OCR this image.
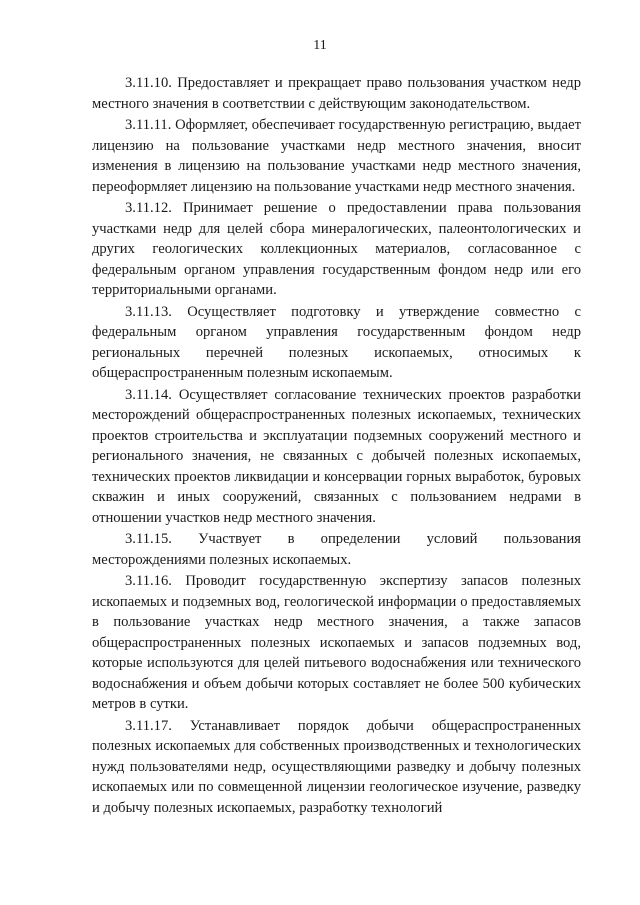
11

3.11.10. Предоставляет и прекращает право пользования участком недр местного значения в соответствии с действующим законодательством.

3.11.11. Оформляет, обеспечивает государственную регистрацию, выдает лицензию на пользование участками недр местного значения, вносит изменения в лицензию на пользование участками недр местного значения, переоформляет лицензию на пользование участками недр местного значения.

3.11.12. Принимает решение о предоставлении права пользования участками недр для целей сбора минералогических, палеонтологических и других геологических коллекционных материалов, согласованное с федеральным органом управления государственным фондом недр или его территориальными органами.

3.11.13. Осуществляет подготовку и утверждение совместно с федеральным органом управления государственным фондом недр региональных перечней полезных ископаемых, относимых к общераспространенным полезным ископаемым.

3.11.14. Осуществляет согласование технических проектов разработки месторождений общераспространенных полезных ископаемых, технических проектов строительства и эксплуатации подземных сооружений местного и регионального значения, не связанных с добычей полезных ископаемых, технических проектов ликвидации и консервации горных выработок, буровых скважин и иных сооружений, связанных с пользованием недрами в отношении участков недр местного значения.

3.11.15. Участвует в определении условий пользования месторождениями полезных ископаемых.

3.11.16. Проводит государственную экспертизу запасов полезных ископаемых и подземных вод, геологической информации о предоставляемых в пользование участках недр местного значения, а также запасов общераспространенных полезных ископаемых и запасов подземных вод, которые используются для целей питьевого водоснабжения или технического водоснабжения и объем добычи которых составляет не более 500 кубических метров в сутки.

3.11.17. Устанавливает порядок добычи общераспространенных полезных ископаемых для собственных производственных и технологических нужд пользователями недр, осуществляющими разведку и добычу полезных ископаемых или по совмещенной лицензии геологическое изучение, разведку и добычу полезных ископаемых, разработку технологий
